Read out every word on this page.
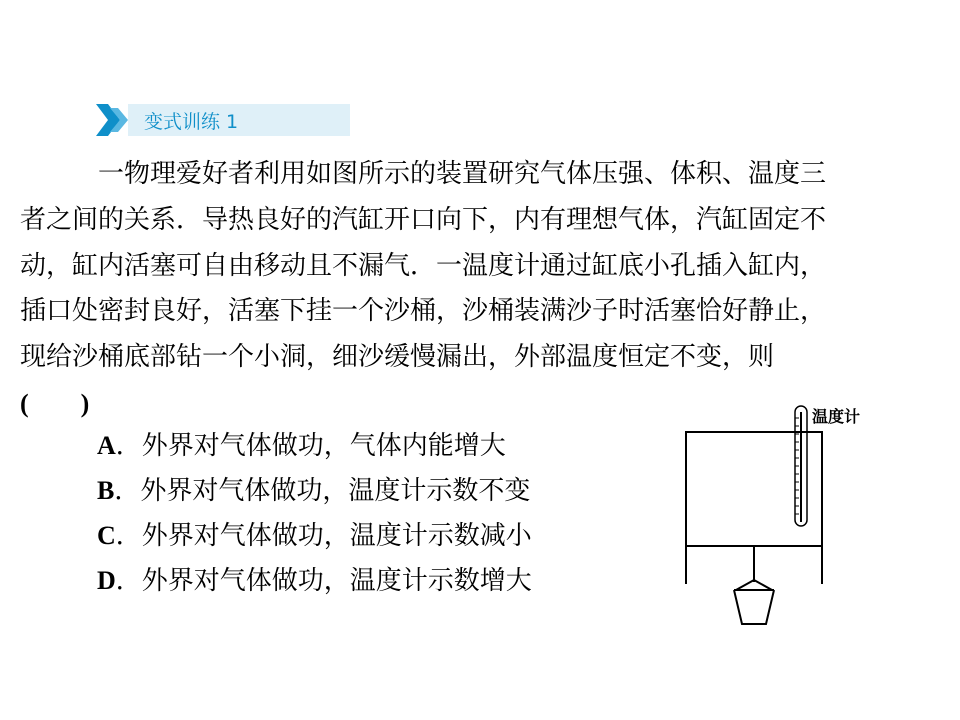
变式训练 1
一物理爱好者利用如图所示的装置研究气体压强、体积、温度三
者之间的关系．导热良好的汽缸开口向下，内有理想气体，汽缸固定不
动，缸内活塞可自由移动且不漏气．一温度计通过缸底小孔插入缸内，
插口处密封良好，活塞下挂一个沙桶，沙桶装满沙子时活塞恰好静止，
现给沙桶底部钻一个小洞，细沙缓慢漏出，外部温度恒定不变，则
(　　)
A．外界对气体做功，气体内能增大
B．外界对气体做功，温度计示数不变
C．外界对气体做功，温度计示数减小
D．外界对气体做功，温度计示数增大
温度计
